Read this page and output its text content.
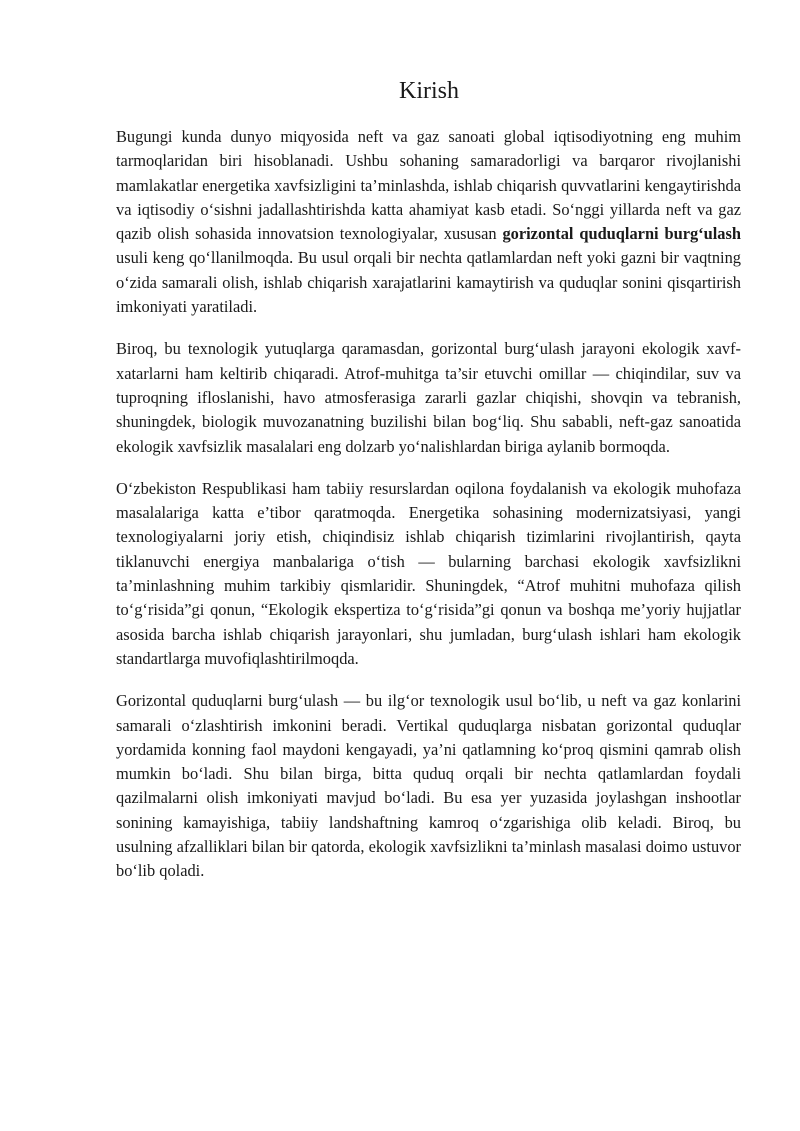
Kirish

Bugungi kunda dunyo miqyosida neft va gaz sanoati global iqtisodiyotning eng muhim tarmoqlaridan biri hisoblanadi. Ushbu sohaning samaradorligi va barqaror rivojlanishi mamlakatlar energetika xavfsizligini ta’minlashda, ishlab chiqarish quvvatlarini kengaytirishda va iqtisodiy o‘sishni jadallashtirishda katta ahamiyat kasb etadi. So‘nggi yillarda neft va gaz qazib olish sohasida innovatsion texnologiyalar, xususan gorizontal quduqlarni burg‘ulash usuli keng qo‘llanilmoqda. Bu usul orqali bir nechta qatlamlardan neft yoki gazni bir vaqtning o‘zida samarali olish, ishlab chiqarish xarajatlarini kamaytirish va quduqlar sonini qisqartirish imkoniyati yaratiladi.

Biroq, bu texnologik yutuqlarga qaramasdan, gorizontal burg‘ulash jarayoni ekologik xavf-xatarlarni ham keltirib chiqaradi. Atrof-muhitga ta’sir etuvchi omillar — chiqindilar, suv va tuproqning ifloslanishi, havo atmosferasiga zararli gazlar chiqishi, shovqin va tebranish, shuningdek, biologik muvozanatning buzilishi bilan bog‘liq. Shu sababli, neft-gaz sanoatida ekologik xavfsizlik masalalari eng dolzarb yo‘nalishlardan biriga aylanib bormoqda.

O‘zbekiston Respublikasi ham tabiiy resurslardan oqilona foydalanish va ekologik muhofaza masalalariga katta e’tibor qaratmoqda. Energetika sohasining modernizatsiyasi, yangi texnologiyalarni joriy etish, chiqindisiz ishlab chiqarish tizimlarini rivojlantirish, qayta tiklanuvchi energiya manbalariga o‘tish — bularning barchasi ekologik xavfsizlikni ta’minlashning muhim tarkibiy qismlaridir. Shuningdek, “Atrof muhitni muhofaza qilish to‘g‘risida”gi qonun, “Ekologik ekspertiza to‘g‘risida”gi qonun va boshqa me’yoriy hujjatlar asosida barcha ishlab chiqarish jarayonlari, shu jumladan, burg‘ulash ishlari ham ekologik standartlarga muvofiqlashtirilmoqda.

Gorizontal quduqlarni burg‘ulash — bu ilg‘or texnologik usul bo‘lib, u neft va gaz konlarini samarali o‘zlashtirish imkonini beradi. Vertikal quduqlarga nisbatan gorizontal quduqlar yordamida konning faol maydoni kengayadi, ya’ni qatlamning ko‘proq qismini qamrab olish mumkin bo‘ladi. Shu bilan birga, bitta quduq orqali bir nechta qatlamlardan foydali qazilmalarni olish imkoniyati mavjud bo‘ladi. Bu esa yer yuzasida joylashgan inshootlar sonining kamayishiga, tabiiy landshaftning kamroq o‘zgarishiga olib keladi. Biroq, bu usulning afzalliklari bilan bir qatorda, ekologik xavfsizlikni ta’minlash masalasi doimo ustuvor bo‘lib qoladi.
